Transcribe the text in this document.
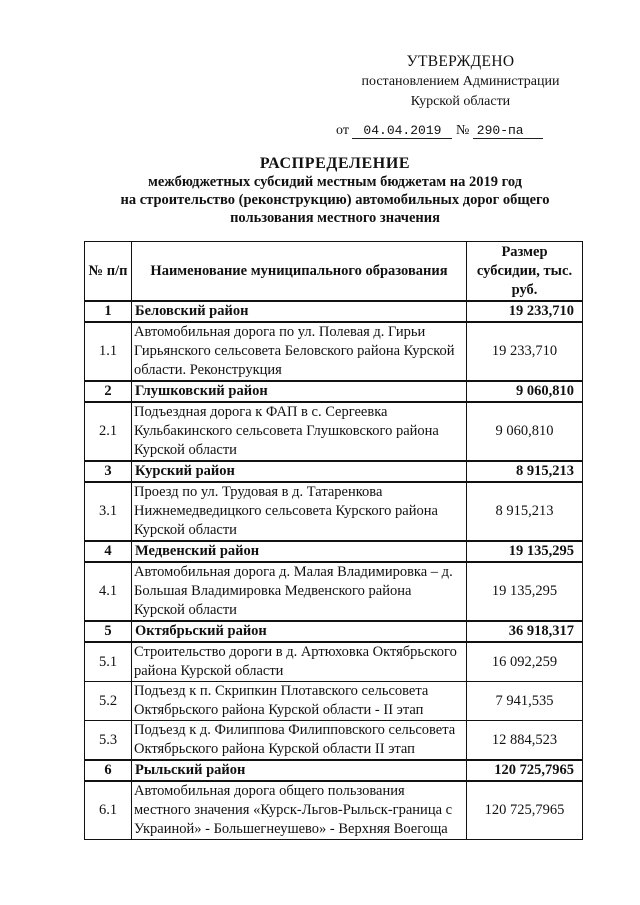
УТВЕРЖДЕНО
постановлением Администрации
Курской области
от 04.04.2019 № 290-па
РАСПРЕДЕЛЕНИЕ
межбюджетных субсидий местным бюджетам на 2019 год
на строительство (реконструкцию) автомобильных дорог общего
пользования местного значения
№ п/п	Наименование муниципального образования	Размер субсидии, тыс. руб.
1	Беловский район	19 233,710
1.1	Автомобильная дорога по ул. Полевая д. Гирьи Гирьянского сельсовета Беловского района Курской области. Реконструкция	19 233,710
2	Глушковский район	9 060,810
2.1	Подъездная дорога к ФАП в с. Сергеевка Кульбакинского сельсовета Глушковского района Курской области	9 060,810
3	Курский район	8 915,213
3.1	Проезд по ул. Трудовая в д. Татаренкова Нижнемедведицкого сельсовета Курского района Курской области	8 915,213
4	Медвенский район	19 135,295
4.1	Автомобильная дорога д. Малая Владимировка – д. Большая Владимировка Медвенского района Курской области	19 135,295
5	Октябрьский район	36 918,317
5.1	Строительство дороги в д. Артюховка Октябрьского района Курской области	16 092,259
5.2	Подъезд к п. Скрипкин Плотавского сельсовета Октябрьского района Курской области - II этап	7 941,535
5.3	Подъезд к д. Филиппова Филипповского сельсовета Октябрьского района Курской области II этап	12 884,523
6	Рыльский район	120 725,7965
6.1	Автомобильная дорога общего пользования местного значения «Курск-Льгов-Рыльск-граница с Украиной» - Большегнеушево» - Верхняя Воегоща	120 725,7965
